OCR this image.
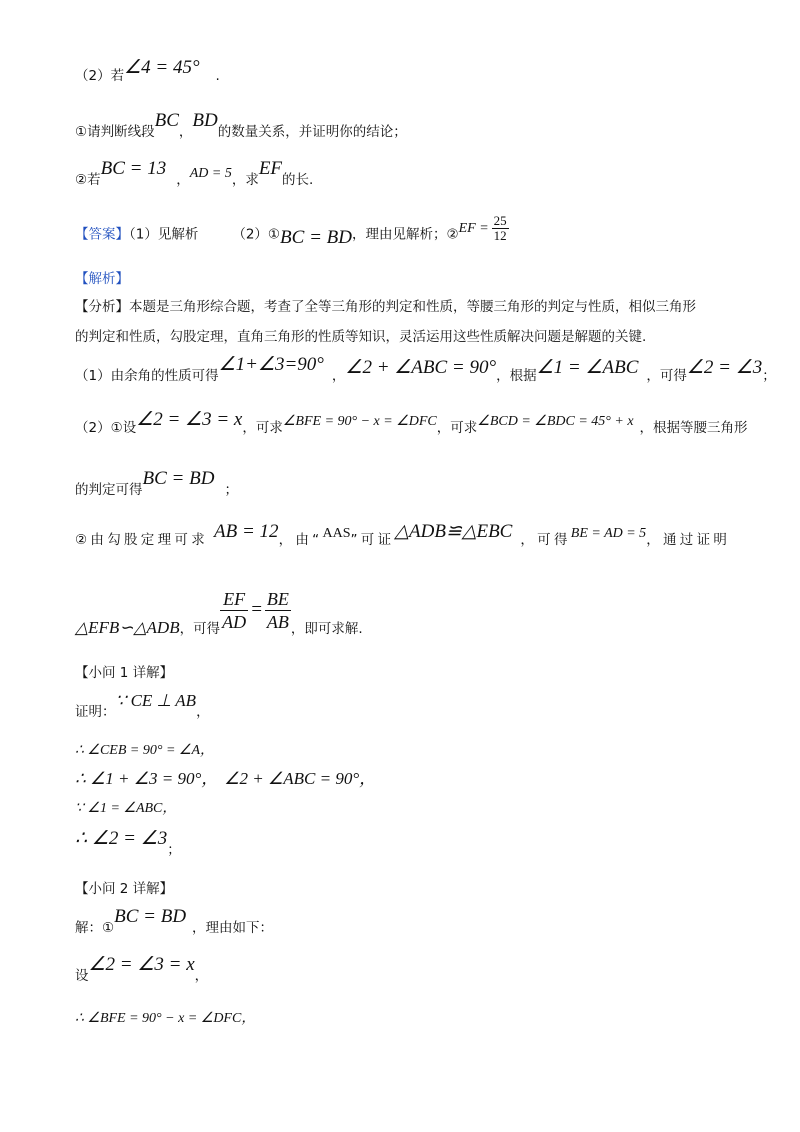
（2）若∠4 = 45° .
①请判断线段BC，BD的数量关系，并证明你的结论；
②若BC = 13，AD = 5，求EF的长.
【答案】（1）见解析	（2）①BC = BD，理由见解析；②EF = $\frac{25}{12}$
【解析】
【分析】本题是三角形综合题，考查了全等三角形的判定和性质，等腰三角形的判定与性质，相似三角形
的判定和性质，勾股定理，直角三角形的性质等知识，灵活运用这些性质解决问题是解题的关键.
（1）由余角的性质可得∠1+∠3=90°，∠2 + ∠ABC = 90°，根据∠1 = ∠ABC ，可得∠2 = ∠3；
（2）①设∠2 = ∠3 = x，可求∠BFE = 90° − x = ∠DFC，可求∠BCD = ∠BDC = 45° + x ，根据等腰三角形
的判定可得BC = BD；
②由勾股定理可求 AB = 12，由“AAS”可证△ADB≌△EBC ，可得BE = AD = 5，通过证明
△EFB∽△ADB，可得 $\frac{EF}{AD} = \frac{BE}{AB}$ ，即可求解.
【小问 1 详解】
证明：∵ CE ⊥ AB，
∴ ∠CEB = 90° = ∠A，
∴ ∠1 + ∠3 = 90°， ∠2 + ∠ABC = 90°，
∵ ∠1 = ∠ABC，
∴ ∠2 = ∠3；
【小问 2 详解】
解：①BC = BD，理由如下：
设∠2 = ∠3 = x，
∴ ∠BFE = 90° − x = ∠DFC，
